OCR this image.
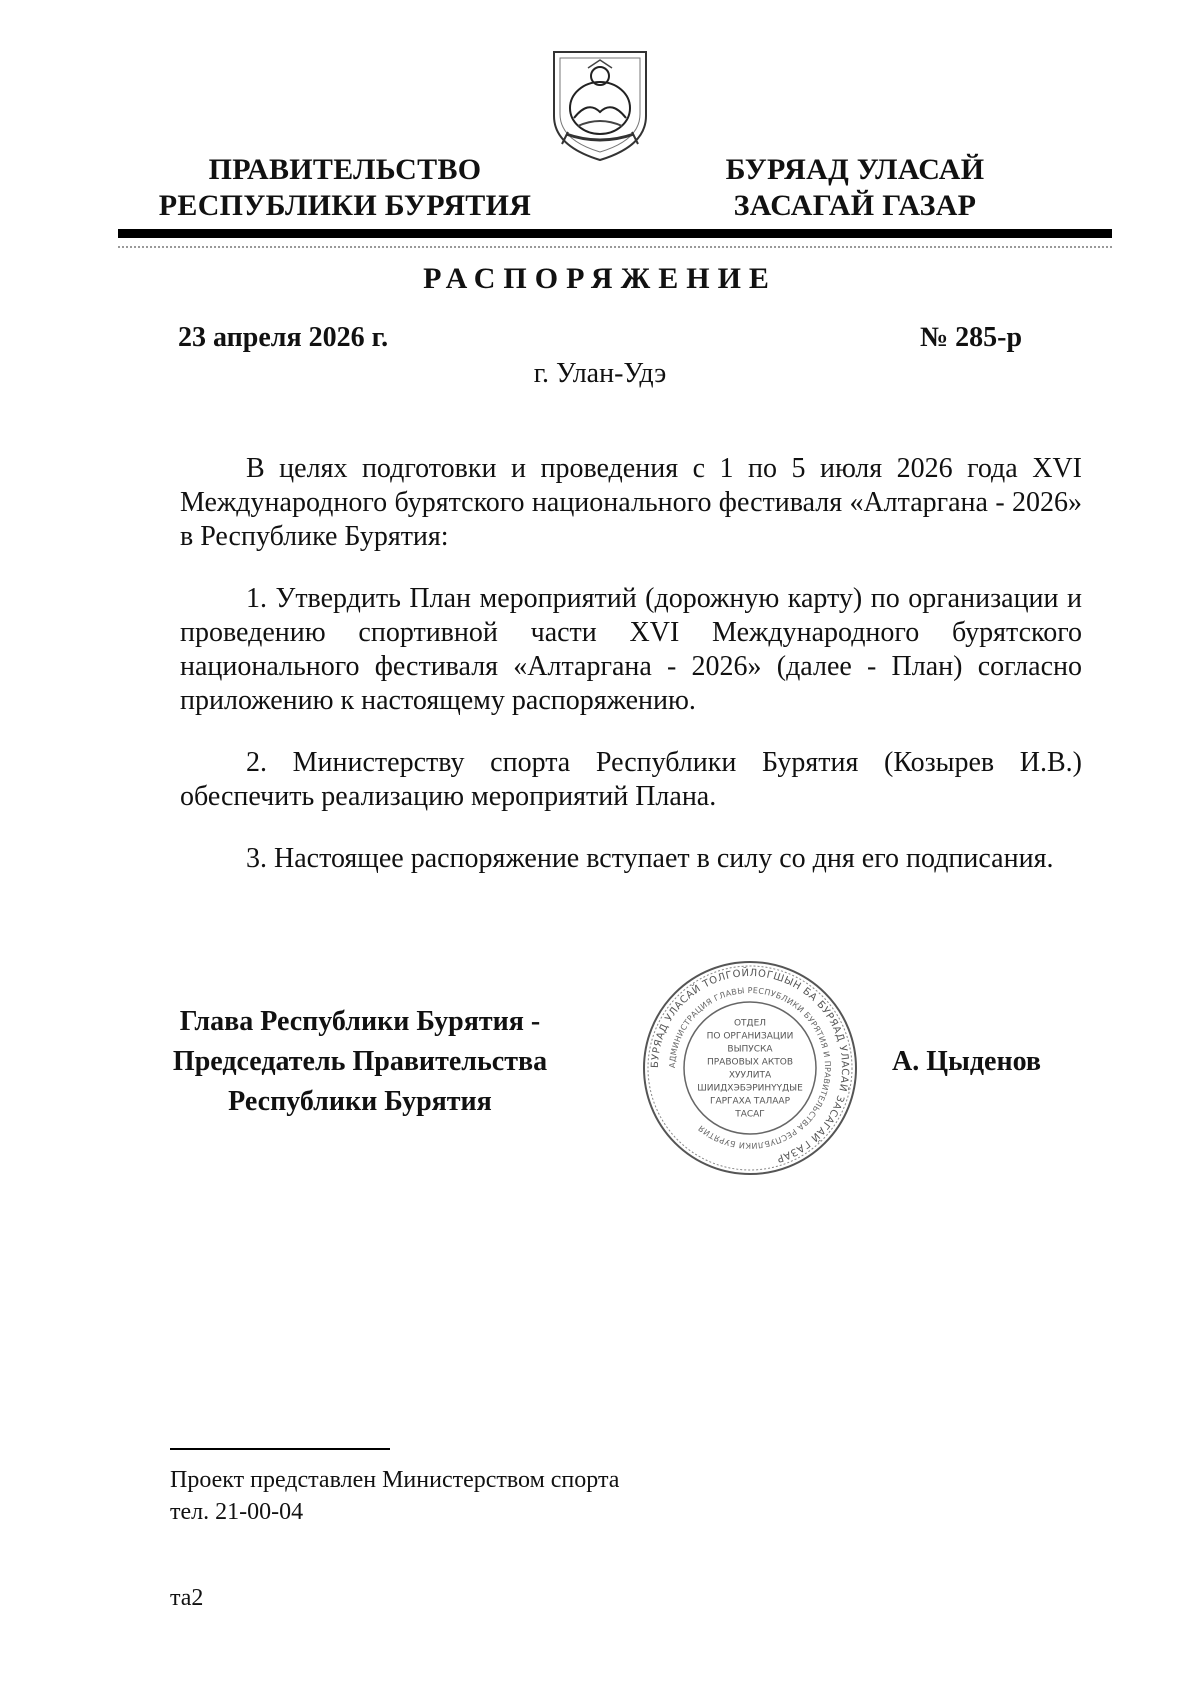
ПРАВИТЕЛЬСТВО
РЕСПУБЛИКИ БУРЯТИЯ
БУРЯАД УЛАСАЙ
ЗАСАГАЙ ГАЗАР
РАСПОРЯЖЕНИЕ
23 апреля 2026 г.	№ 285-р
г. Улан-Удэ
В целях подготовки и проведения с 1 по 5 июля 2026 года XVI Международного бурятского национального фестиваля «Алтаргана - 2026» в Республике Бурятия:
1. Утвердить План мероприятий (дорожную карту) по организации и проведению спортивной части XVI Международного бурятского национального фестиваля «Алтаргана - 2026» (далее - План) согласно приложению к настоящему распоряжению.
2. Министерству спорта Республики Бурятия (Козырев И.В.) обеспечить реализацию мероприятий Плана.
3. Настоящее распоряжение вступает в силу со дня его подписания.
Глава Республики Бурятия -
Председатель Правительства
Республики Бурятия
БУРЯАД УЛАСАЙ ТОЛГОЙЛОГШЫН БА БУРЯАД УЛАСАЙ ЗАСАГАЙ ГАЗАР
АДМИНИСТРАЦИЯ ГЛАВЫ РЕСПУБЛИКИ БУРЯТИЯ И ПРАВИТЕЛЬСТВА РЕСПУБЛИКИ БУРЯТИЯ
ОТДЕЛ
ПО ОРГАНИЗАЦИИ
ВЫПУСКА
ПРАВОВЫХ АКТОВ
ХУУЛИТА
ШИИДХЭБЭРИНҮҮДЫЕ
ГАРГАХА ТАЛААР
ТАСАГ
А. Цыденов
Проект представлен Министерством спорта
тел. 21-00-04
та2
